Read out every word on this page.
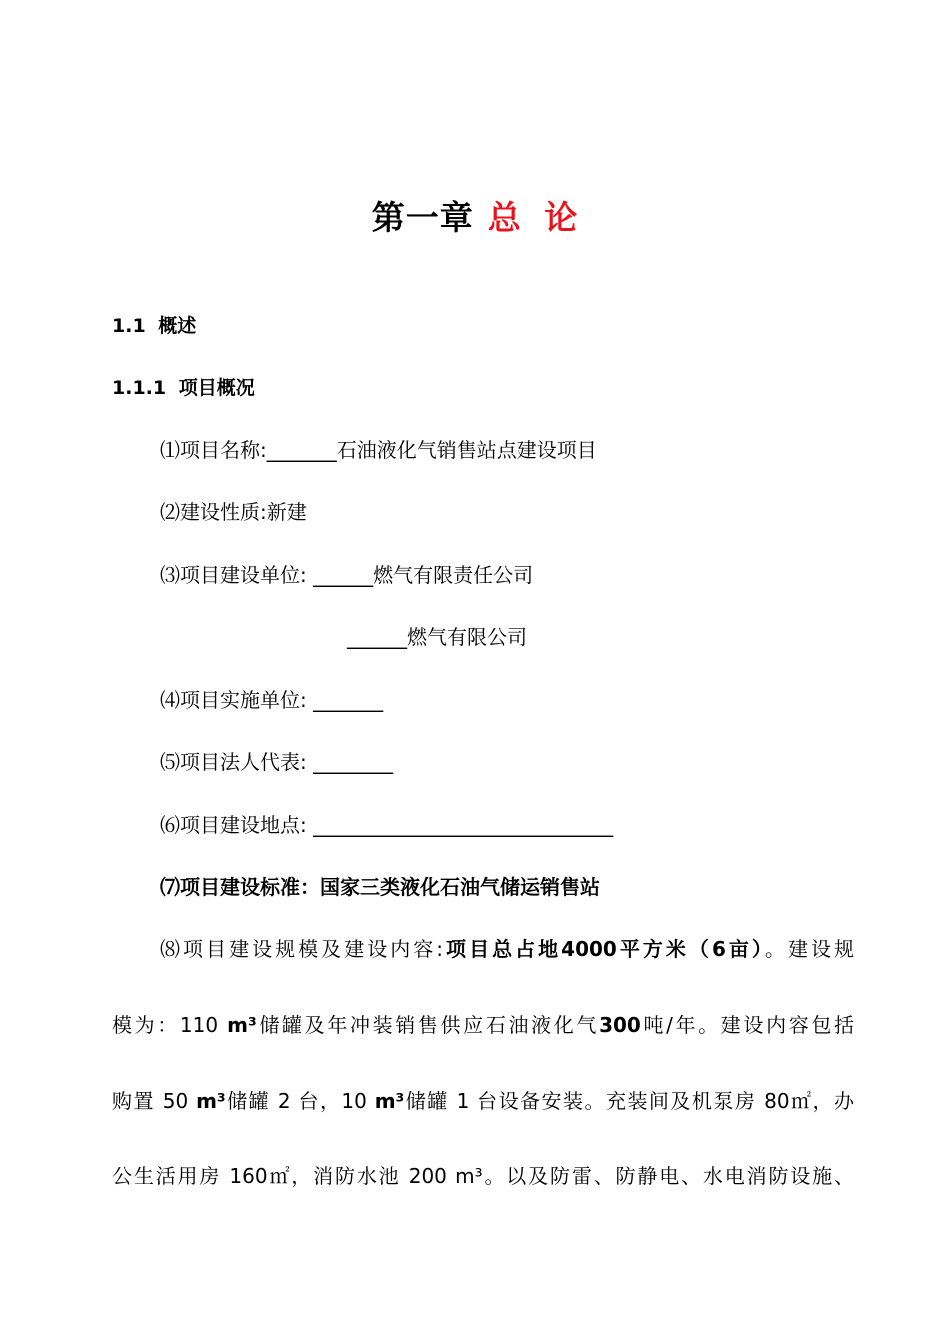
第一章 总 论
1.1 概述
1.1.1 项目概况
⑴项目名称:_______石油液化气销售站点建设项目
⑵建设性质:新建
⑶项目建设单位: ______燃气有限责任公司
______燃气有限公司
⑷项目实施单位: _______
⑸项目法人代表: ________
⑹项目建设地点: ______________________________
⑺项目建设标准：国家三类液化石油气储运销售站
⑻项目建设规模及建设内容:项目总占地4000平方米（6亩）。建设规
模为：110 m³储罐及年冲装销售供应石油液化气300吨/年。建设内容包括
购置 50 m³储罐 2 台，10 m³储罐 1 台设备安装。充装间及机泵房 80㎡，办
公生活用房 160㎡，消防水池 200 m³。以及防雷、防静电、水电消防设施、
